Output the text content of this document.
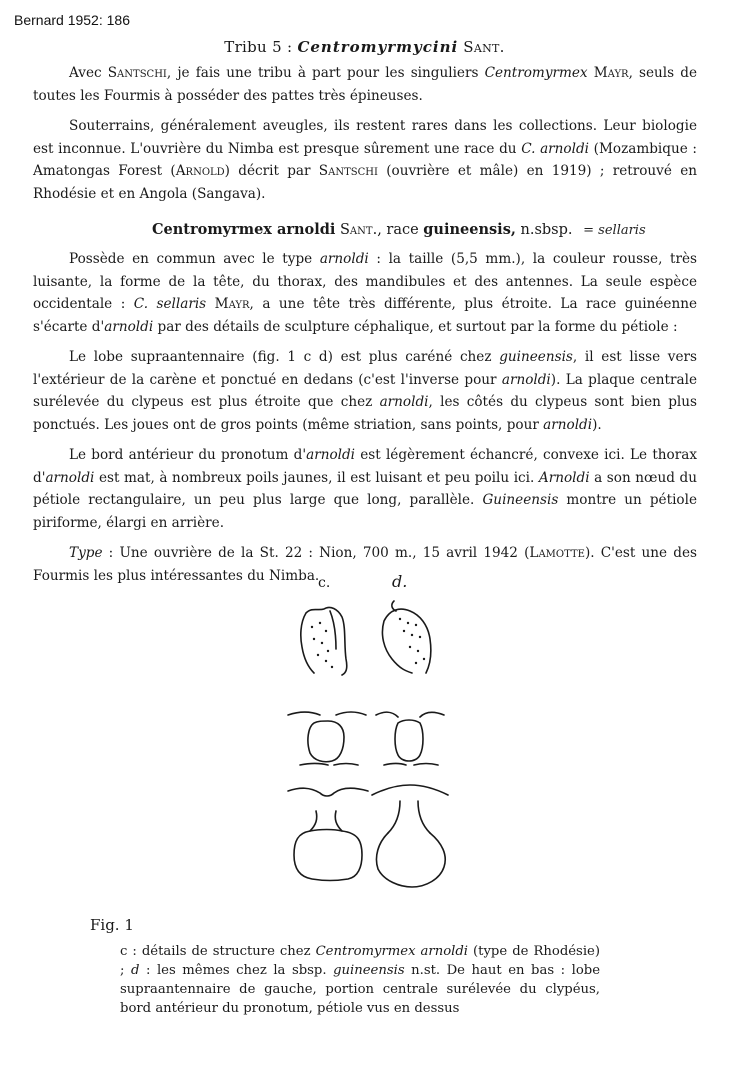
Bernard 1952: 186
Tribu 5 : Centromyrmycini Sant.

Avec Santschi, je fais une tribu à part pour les singuliers Centromyrmex Mayr, seuls de toutes les Fourmis à posséder des pattes très épineuses.

Souterrains, généralement aveugles, ils restent rares dans les collections. Leur biologie est inconnue. L'ouvrière du Nimba est presque sûrement une race du C. arnoldi (Mozambique : Amatongas Forest (Arnold) décrit par Santschi (ouvrière et mâle) en 1919) ; retrouvé en Rhodésie et en Angola (Sangava).

Centromyrmex arnoldi Sant., race guineensis, n.sbsp. = sellaris

Possède en commun avec le type arnoldi : la taille (5,5 mm.), la couleur rousse, très luisante, la forme de la tête, du thorax, des mandibules et des antennes. La seule espèce occidentale : C. sellaris Mayr, a une tête très différente, plus étroite. La race guinéenne s'écarte d'arnoldi par des détails de sculpture céphalique, et surtout par la forme du pétiole :

Le lobe supraantennaire (fig. 1 c d) est plus caréné chez guineensis, il est lisse vers l'extérieur de la carène et ponctué en dedans (c'est l'inverse pour arnoldi). La plaque centrale surélevée du clypeus est plus étroite que chez arnoldi, les côtés du clypeus sont bien plus ponctués. Les joues ont de gros points (même striation, sans points, pour arnoldi).

Le bord antérieur du pronotum d'arnoldi est légèrement échancré, convexe ici. Le thorax d'arnoldi est mat, à nombreux poils jaunes, il est luisant et peu poilu ici. Arnoldi a son nœud du pétiole rectangulaire, un peu plus large que long, parallèle. Guineensis montre un pétiole piriforme, élargi en arrière.

Type : Une ouvrière de la St. 22 : Nion, 700 m., 15 avril 1942 (Lamotte). C'est une des Fourmis les plus intéressantes du Nimba.

c.	d.
Fig. 1
c : détails de structure chez Centromyrmex arnoldi (type de Rhodésie) ; d : les mêmes chez la sbsp. guineensis n.st. De haut en bas : lobe supraantennaire de gauche, portion centrale surélevée du clypéus, bord antérieur du pronotum, pétiole vus en dessus
